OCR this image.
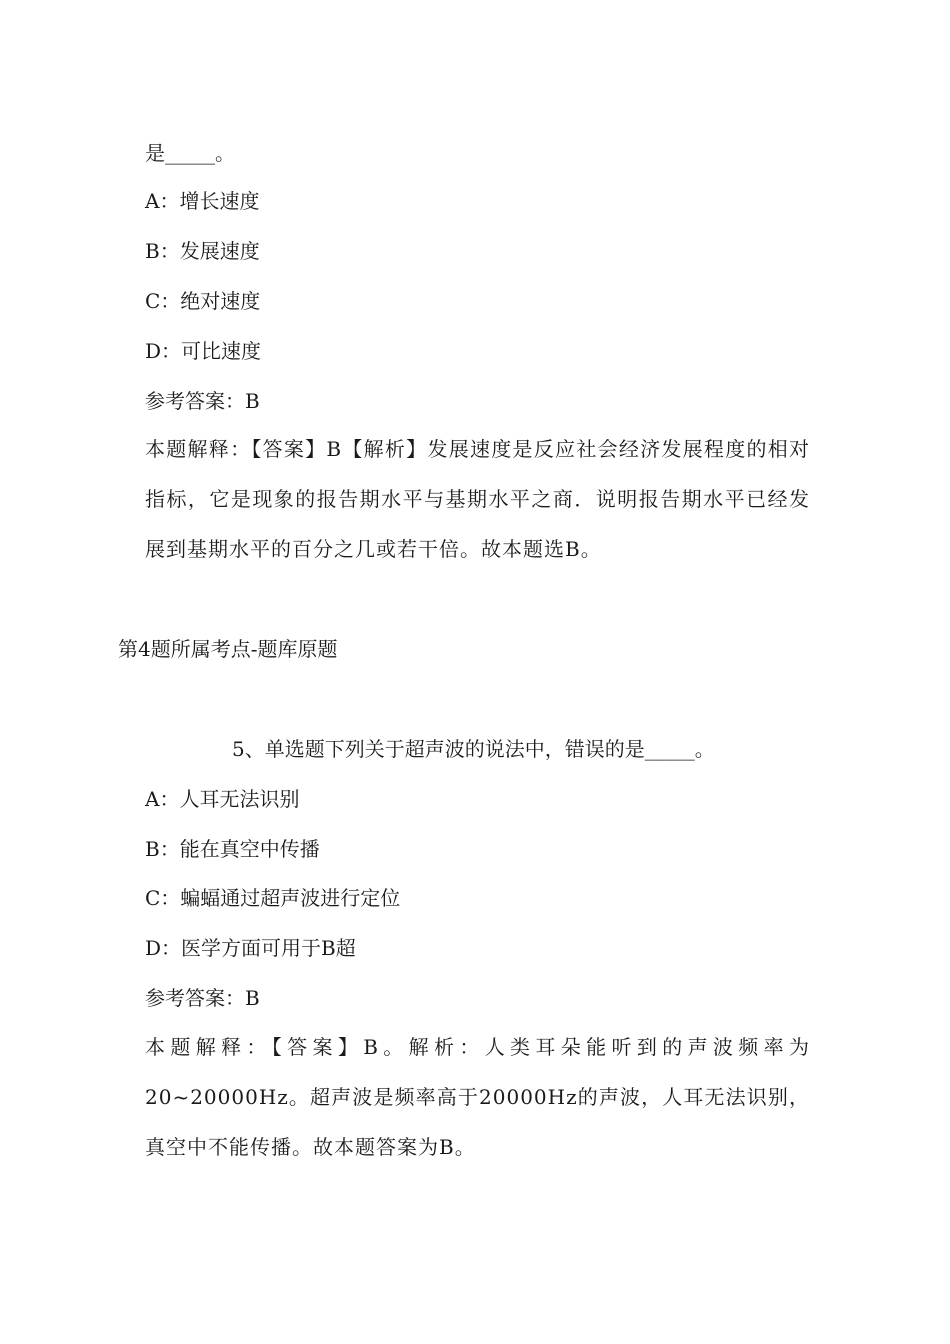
是_____。
A：增长速度
B：发展速度
C：绝对速度
D：可比速度
参考答案：B
本题解释：【答案】B【解析】发展速度是反应社会经济发展程度的相对指标，它是现象的报告期水平与基期水平之商．说明报告期水平已经发展到基期水平的百分之几或若干倍。故本题选B。
第4题所属考点-题库原题
5、单选题下列关于超声波的说法中，错误的是_____。
A：人耳无法识别
B：能在真空中传播
C：蝙蝠通过超声波进行定位
D：医学方面可用于B超
参考答案：B
本题解释：【答案】B。解析：人类耳朵能听到的声波频率为20~20000Hz。超声波是频率高于20000Hz的声波，人耳无法识别，真空中不能传播。故本题答案为B。
